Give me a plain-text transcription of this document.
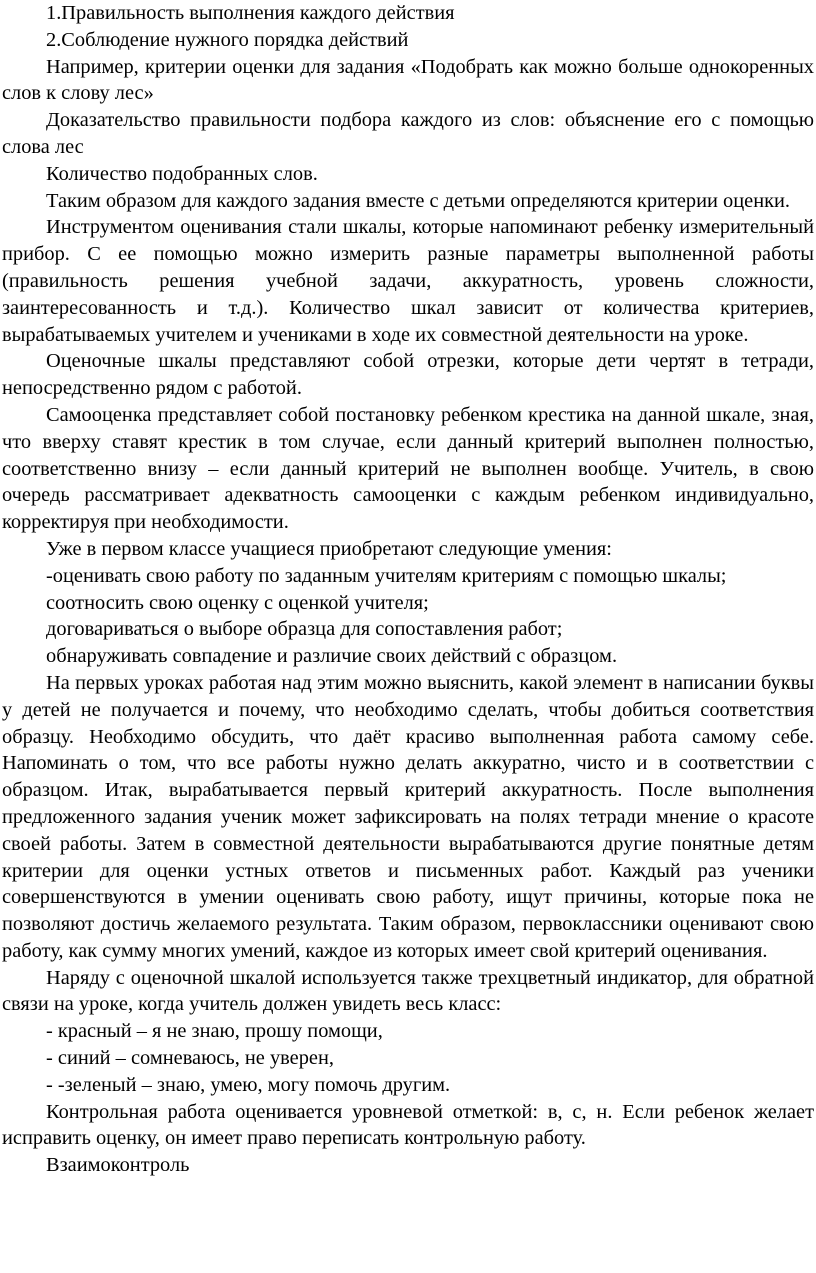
1.Правильность выполнения каждого действия

2.Соблюдение нужного порядка действий

Например, критерии оценки для задания «Подобрать как можно больше однокоренных слов к слову лес»

Доказательство правильности подбора каждого из слов: объяснение его с помощью слова лес

Количество подобранных слов.

Таким образом для каждого задания вместе с детьми определяются критерии оценки.

Инструментом оценивания стали шкалы, которые напоминают ребенку измерительный прибор. С ее помощью можно измерить разные параметры выполненной работы (правильность решения учебной задачи, аккуратность, уровень сложности, заинтересованность и т.д.). Количество шкал зависит от количества критериев, вырабатываемых учителем и учениками в ходе их совместной деятельности на уроке.

Оценочные шкалы представляют собой отрезки, которые дети чертят в тетради, непосредственно рядом с работой.

Самооценка представляет собой постановку ребенком крестика на данной шкале, зная, что вверху ставят крестик в том случае, если данный критерий выполнен полностью, соответственно внизу – если данный критерий не выполнен вообще. Учитель, в свою очередь рассматривает адекватность самооценки с каждым ребенком индивидуально, корректируя при необходимости.

Уже в первом классе учащиеся приобретают следующие умения:

-оценивать свою работу по заданным учителям критериям с помощью шкалы;

соотносить свою оценку с оценкой учителя;

договариваться о выборе образца для сопоставления работ;

обнаруживать совпадение и различие своих действий с образцом.

На первых уроках работая над этим можно выяснить, какой элемент в написании буквы у детей не получается и почему, что необходимо сделать, чтобы добиться соответствия образцу. Необходимо обсудить, что даёт красиво выполненная работа самому себе. Напоминать о том, что все работы нужно делать аккуратно, чисто и в соответствии с образцом. Итак, вырабатывается первый критерий аккуратность. После выполнения предложенного задания ученик может зафиксировать на полях тетради мнение о красоте своей работы. Затем в совместной деятельности вырабатываются другие понятные детям критерии для оценки устных ответов и письменных работ. Каждый раз ученики совершенствуются в умении оценивать свою работу, ищут причины, которые пока не позволяют достичь желаемого результата. Таким образом, первоклассники оценивают свою работу, как сумму многих умений, каждое из которых имеет свой критерий оценивания.

Наряду с оценочной шкалой используется также трехцветный индикатор, для обратной связи на уроке, когда учитель должен увидеть весь класс:

- красный – я не знаю, прошу помощи,

- синий – сомневаюсь, не уверен,

- -зеленый – знаю, умею, могу помочь другим.

Контрольная работа оценивается уровневой отметкой: в, с, н. Если ребенок желает исправить оценку, он имеет право переписать контрольную работу.

Взаимоконтроль
